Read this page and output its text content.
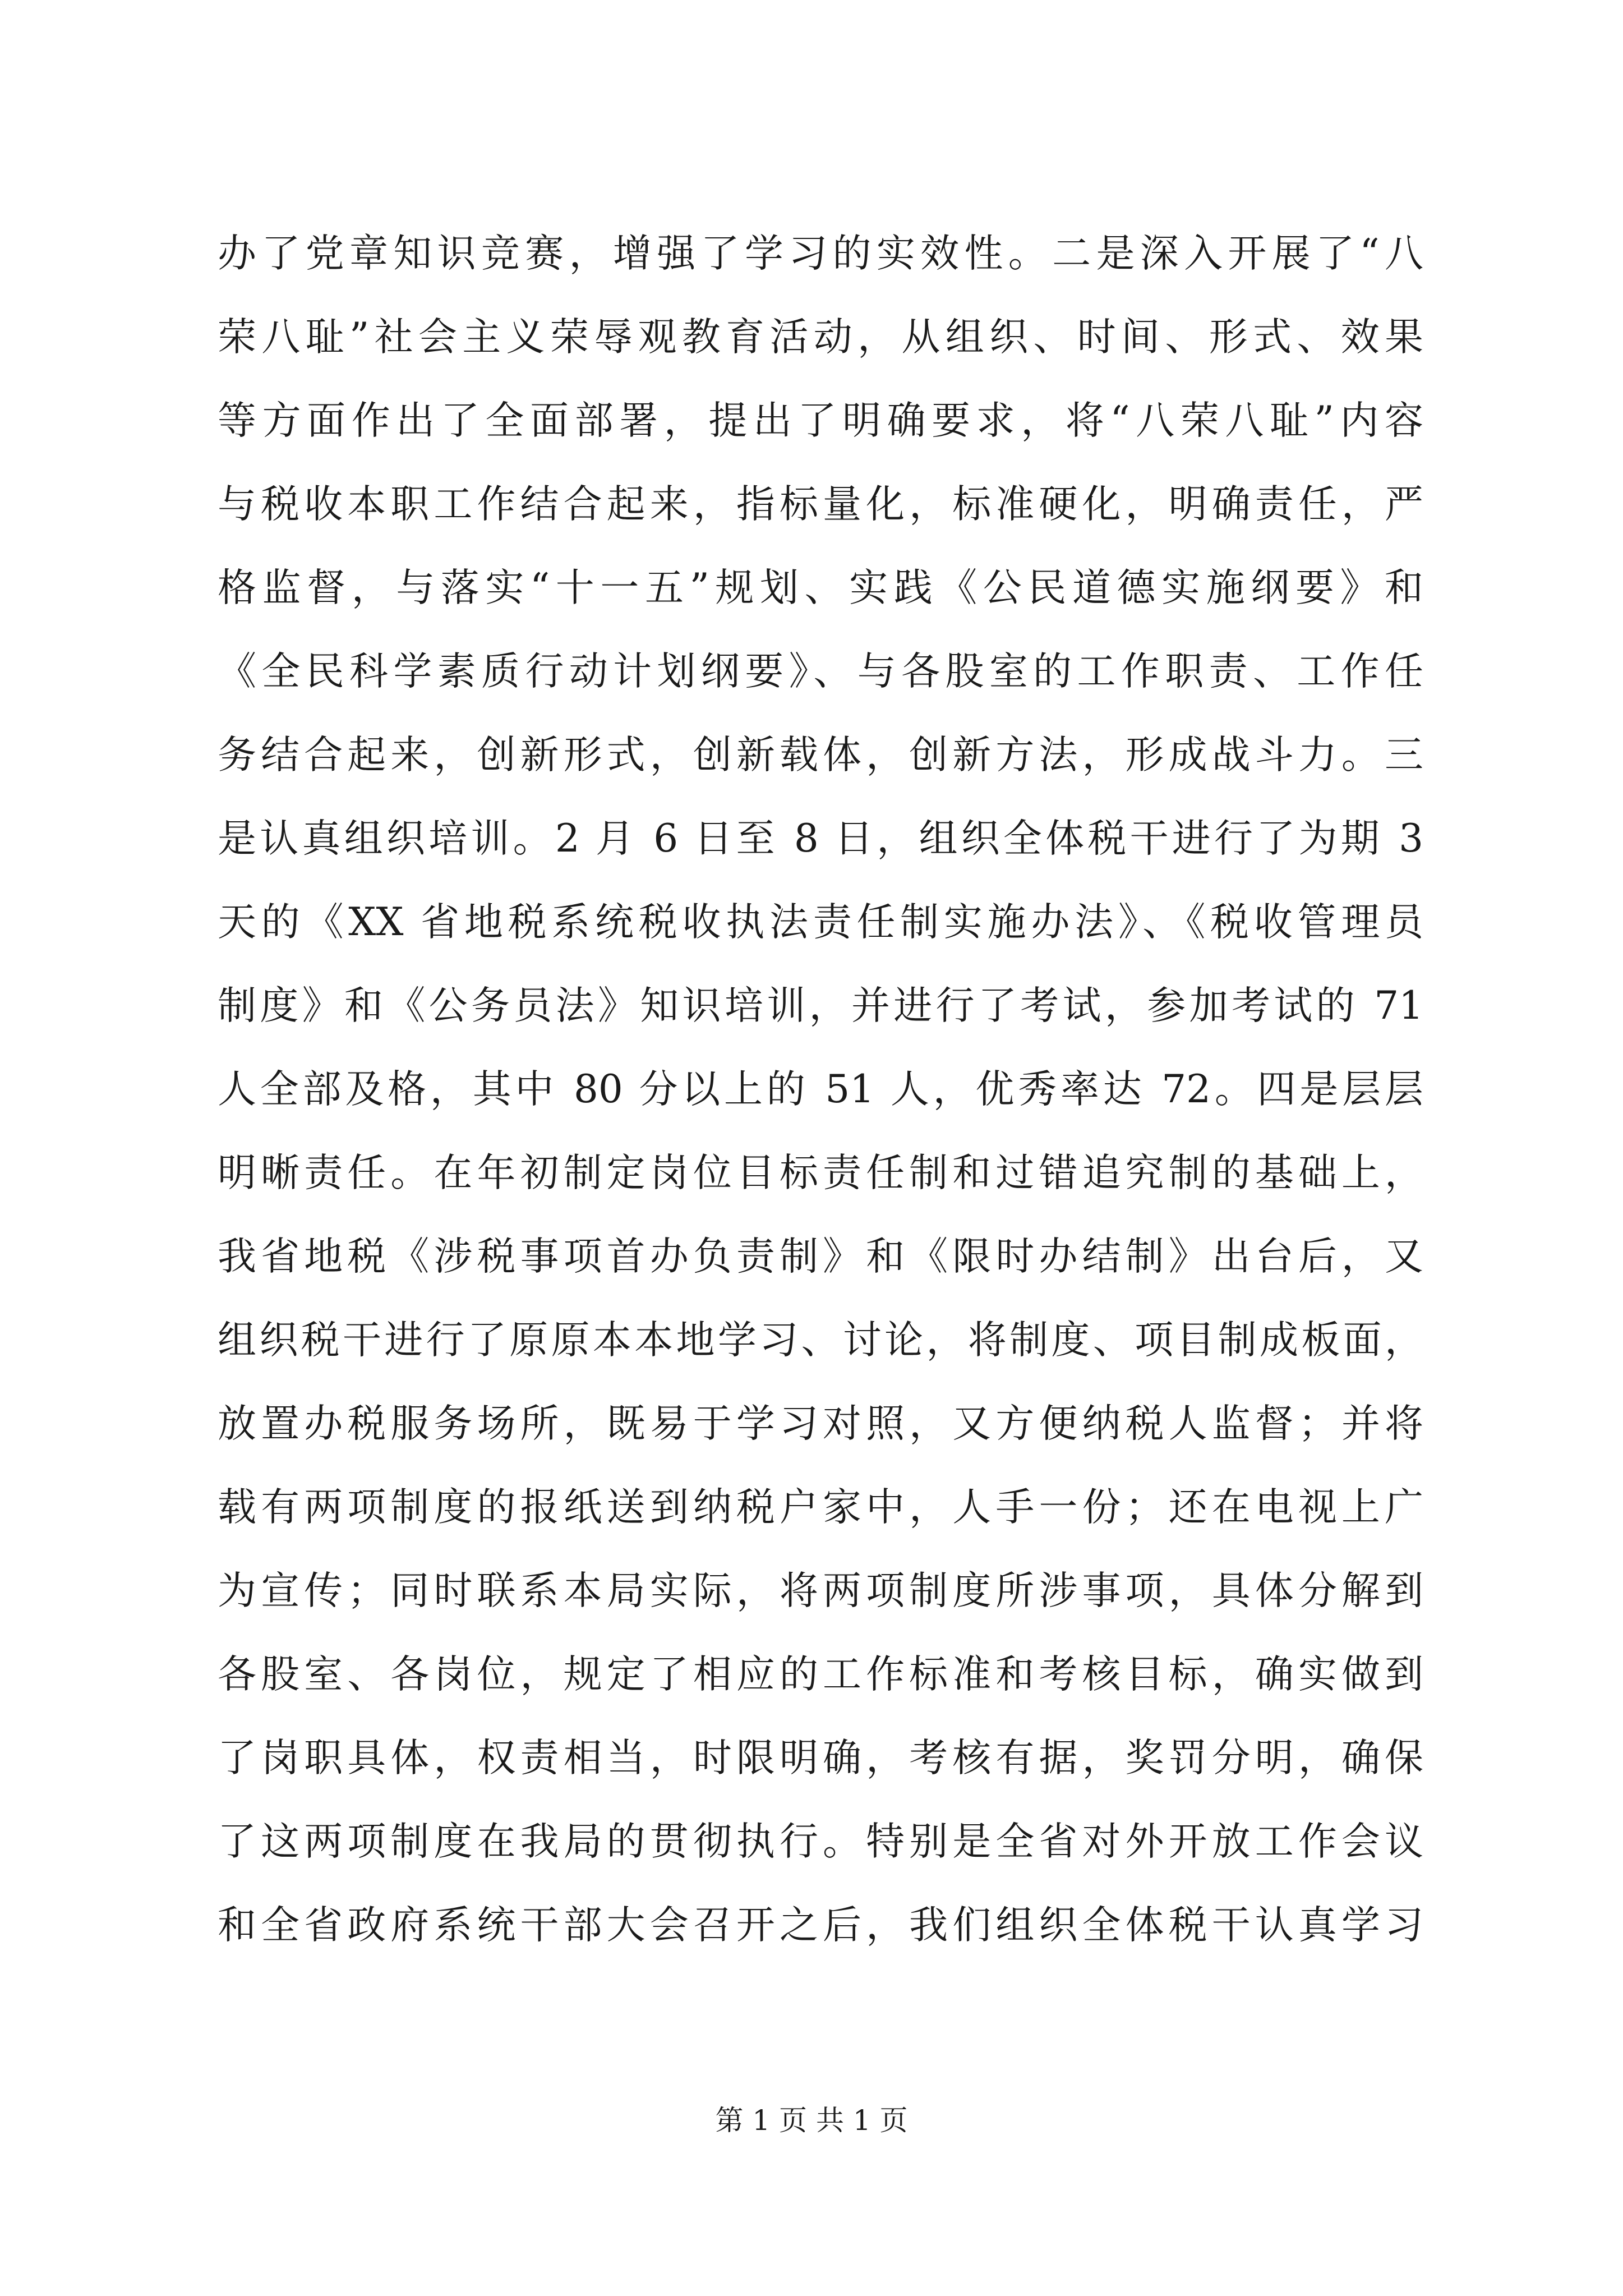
办了党章知识竞赛，增强了学习的实效性。二是深入开展了“八
荣八耻”社会主义荣辱观教育活动，从组织、时间、形式、效果
等方面作出了全面部署，提出了明确要求，将“八荣八耻”内容
与税收本职工作结合起来，指标量化，标准硬化，明确责任，严
格监督，与落实“十一五”规划、实践《公民道德实施纲要》和
《全民科学素质行动计划纲要》、与各股室的工作职责、工作任
务结合起来，创新形式，创新载体，创新方法，形成战斗力。三
是认真组织培训。2 月 6 日至 8 日，组织全体税干进行了为期 3
天的《XX 省地税系统税收执法责任制实施办法》、《税收管理员
制度》和《公务员法》知识培训，并进行了考试，参加考试的 71
人全部及格，其中 80 分以上的 51 人，优秀率达 72。四是层层
明晰责任。在年初制定岗位目标责任制和过错追究制的基础上，
我省地税《涉税事项首办负责制》和《限时办结制》出台后，又
组织税干进行了原原本本地学习、讨论，将制度、项目制成板面，
放置办税服务场所，既易于学习对照，又方便纳税人监督；并将
载有两项制度的报纸送到纳税户家中，人手一份；还在电视上广
为宣传；同时联系本局实际，将两项制度所涉事项，具体分解到
各股室、各岗位，规定了相应的工作标准和考核目标，确实做到
了岗职具体，权责相当，时限明确，考核有据，奖罚分明，确保
了这两项制度在我局的贯彻执行。特别是全省对外开放工作会议
和全省政府系统干部大会召开之后，我们组织全体税干认真学习
第 1 页 共 1 页
